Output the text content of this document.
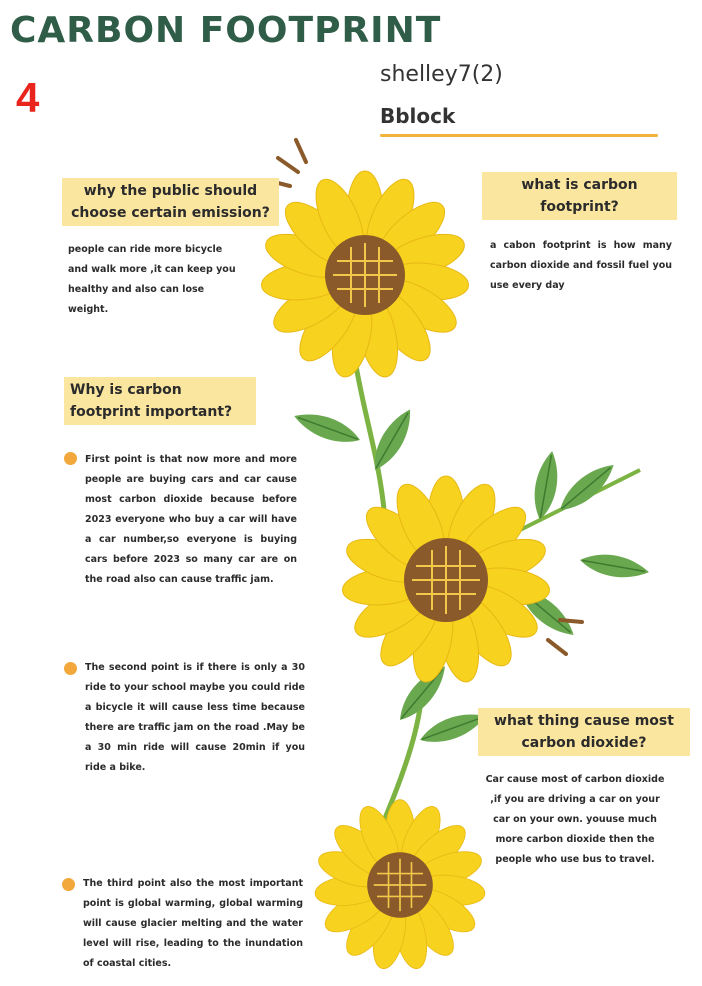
CARBON FOOTPRINT
4	shelley7(2)
Bblock
why the public should choose certain emission?
people can ride more bicycle and walk more ,it can keep you healthy and also can lose weight.
what is carbon footprint?
a cabon footprint is how many carbon dioxide and fossil fuel you use every day
Why is carbon footprint important?
First point is that now more and more people are buying cars and car cause most carbon dioxide because before 2023 everyone who buy a car will have a car number,so everyone is buying cars before 2023 so many car are on the road also can cause traffic jam.
The second point is if there is only a 30 ride to your school maybe you could ride a bicycle it will cause less time because there are traffic jam on the road .May be a 30 min ride will cause 20min if you ride a bike.
The third point also the most important point is global warming, global warming will cause glacier melting and the water level will rise, leading to the inundation of coastal cities.
what thing cause most carbon dioxide?
Car cause most of carbon dioxide ,if you are driving a car on your car on your own. youuse much more carbon dioxide then the people who use bus to travel.
